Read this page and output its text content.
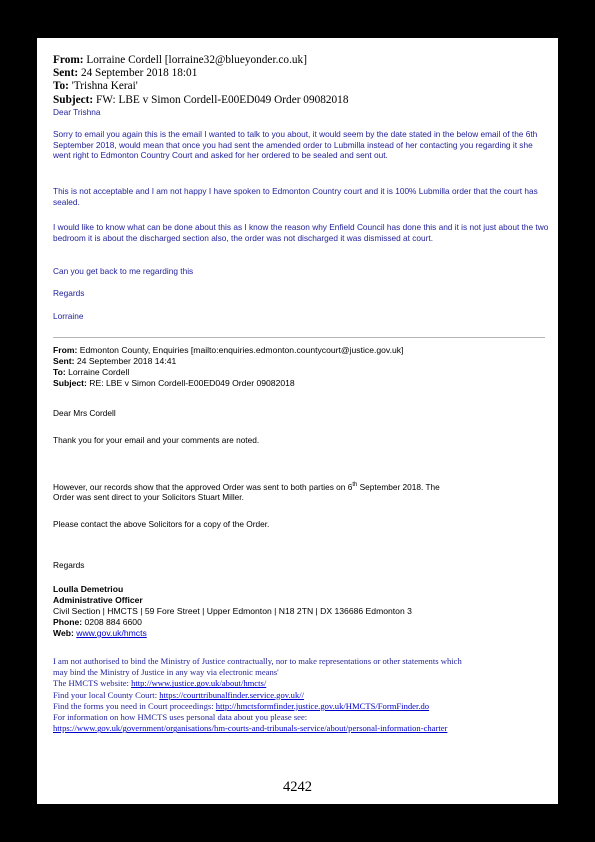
From: Lorraine Cordell [lorraine32@blueyonder.co.uk]
Sent: 24 September 2018 18:01
To: 'Trishna Kerai'
Subject: FW: LBE v Simon Cordell-E00ED049 Order 09082018
Dear Trishna
Sorry to email you again this is the email I wanted to talk to you about, it would seem by the date stated in the below email of the 6th September 2018, would mean that once you had sent the amended order to Lubmilla instead of her contacting you regarding it she went right to Edmonton Country Court and asked for her ordered to be sealed and sent out.
This is not acceptable and I am not happy I have spoken to Edmonton Country court and it is 100% Lubmilla order that the court has sealed.
I would like to know what can be done about this as I know the reason why Enfield Council has done this and it is not just about the two bedroom it is about the discharged section also, the order was not discharged it was dismissed at court.
Can you get back to me regarding this
Regards
Lorraine
From: Edmonton County, Enquiries [mailto:enquiries.edmonton.countycourt@justice.gov.uk]
Sent: 24 September 2018 14:41
To: Lorraine Cordell
Subject: RE: LBE v Simon Cordell-E00ED049 Order 09082018
Dear Mrs Cordell
Thank you for your email and your comments are noted.
However, our records show that the approved Order was sent to both parties on 6th September 2018. The
Order was sent direct to your Solicitors Stuart Miller.
Please contact the above Solicitors for a copy of the Order.
Regards
Loulla Demetriou
Administrative Officer
Civil Section | HMCTS | 59 Fore Street | Upper Edmonton | N18 2TN | DX 136686 Edmonton 3
Phone: 0208 884 6600
Web: www.gov.uk/hmcts
I am not authorised to bind the Ministry of Justice contractually, nor to make representations or other statements which
may bind the Ministry of Justice in any way via electronic means'
The HMCTS website: http://www.justice.gov.uk/about/hmcts/
Find your local County Court: https://courttribunalfinder.service.gov.uk//
Find the forms you need in Court proceedings: http://hmctsformfinder.justice.gov.uk/HMCTS/FormFinder.do
For information on how HMCTS uses personal data about you please see:
https://www.gov.uk/government/organisations/hm-courts-and-tribunals-service/about/personal-information-charter
4242
